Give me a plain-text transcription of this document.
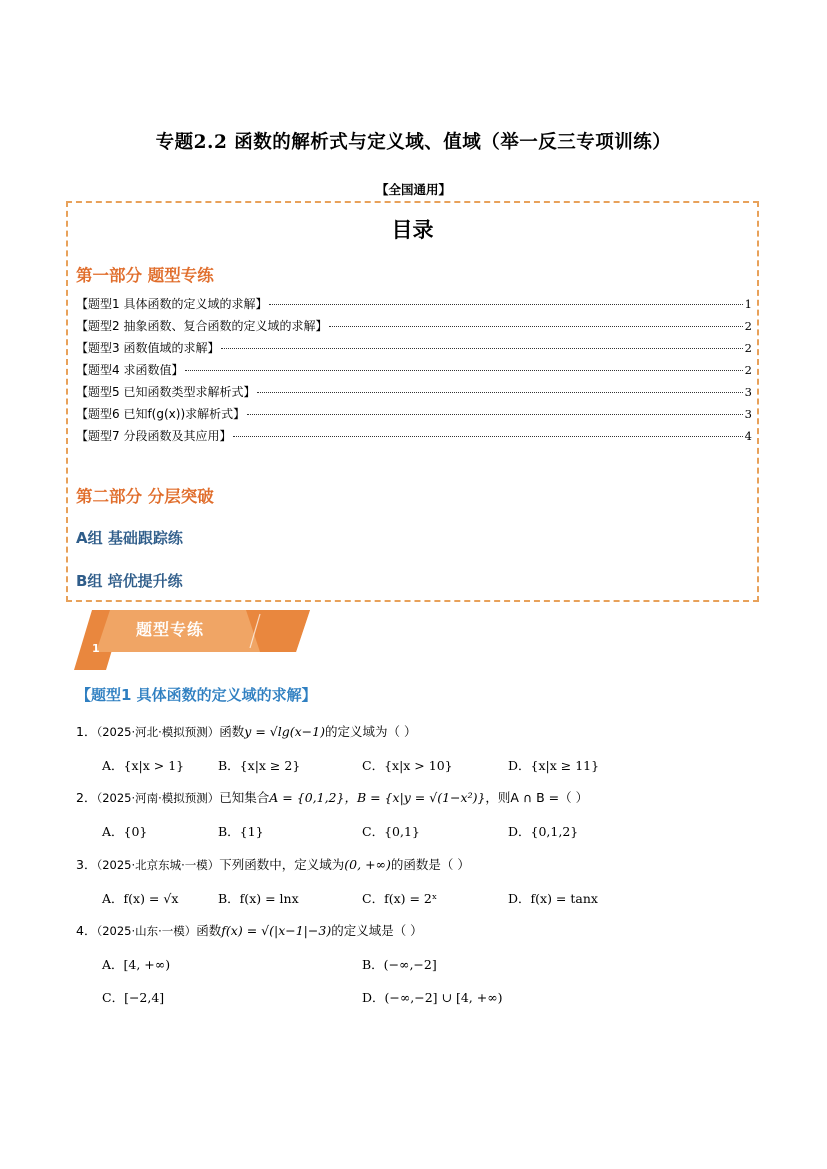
专题2.2 函数的解析式与定义域、值域（举一反三专项训练）
【全国通用】
目录
第一部分 题型专练
【题型1 具体函数的定义域的求解】	1
【题型2 抽象函数、复合函数的定义域的求解】	2
【题型3 函数值域的求解】	2
【题型4 求函数值】	2
【题型5 已知函数类型求解析式】	3
【题型6 已知f(g(x))求解析式】	3
【题型7 分段函数及其应用】	4
第二部分 分层突破
A组 基础跟踪练
B组 培优提升练
题型专练
1
【题型1 具体函数的定义域的求解】
1．（2025·河北·模拟预测）函数y = √lg(x−1)的定义域为（ ）
A．{x|x > 1}	B．{x|x ≥ 2}	C．{x|x > 10}	D．{x|x ≥ 11}
2．（2025·河南·模拟预测）已知集合A = {0,1,2}，B = {x|y = √(1−x²)}，则A ∩ B =（ ）
A．{0}	B．{1}	C．{0,1}	D．{0,1,2}
3．（2025·北京东城·一模）下列函数中，定义域为(0, +∞)的函数是（ ）
A．f(x) = √x	B．f(x) = lnx	C．f(x) = 2ˣ	D．f(x) = tanx
4．（2025·山东·一模）函数f(x) = √(|x−1|−3)的定义域是（ ）
A．[4, +∞)	B．(−∞,−2]
C．[−2,4]	D．(−∞,−2] ∪ [4, +∞)
